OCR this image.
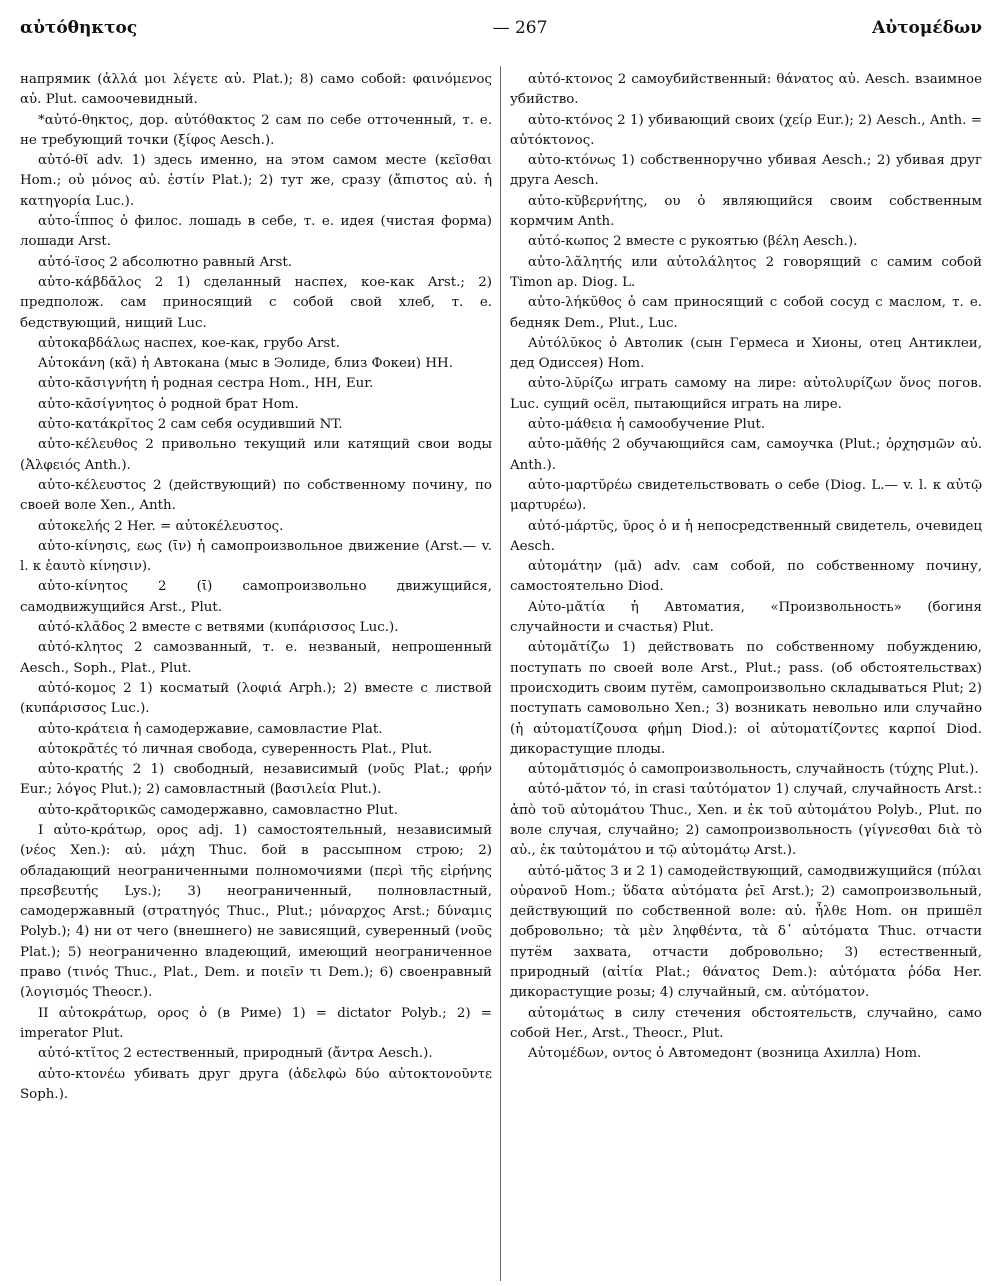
αὐτόθηκτος	— 267	Αὐτομέδων

напрямик (ἀλλά μοι λέγετε αὐ. Plat.); 8) само собой: φαινόμενος αὐ. Plut. самоочевидный.

*αὐτό-θηκτος, дор. αὐτόθακτος 2 сам по себе отточенный, т. е. не требующий точки (ξίφος Aesch.).

αὐτό-θῐ adv. 1) здесь именно, на этом самом месте (κεῖσθαι Hom.; οὐ μόνος αὐ. ἐστίν Plat.); 2) тут же, сразу (ἄπιστος αὐ. ἡ κατηγορία Luc.).

αὐτο-ΐππος ὁ филос. лошадь в себе, т. е. идея (чистая форма) лошади Arst.

αὐτό-ϊσος 2 абсолютно равный Arst.

αὐτο-κάβδᾰλος 2 1) сделанный наспех, кое-как Arst.; 2) предполож. сам приносящий с собой свой хлеб, т. е. бедствующий, нищий Luc.

αὐτοκαβδάλως наспех, кое-как, грубо Arst.

Αὐτοκάνη (κᾰ) ἡ Автокана (мыс в Эолиде, близ Фокеи) HH.

αὐτο-κᾰσιγνήτη ἡ родная сестра Hom., HH, Eur.

αὐτο-κᾰσίγνητος ὁ родной брат Hom.

αὐτο-κατάκρῐτος 2 сам себя осудивший NT.

αὐτο-κέλευθος 2 привольно текущий или катящий свои воды (Ἀλφειός Anth.).

αὐτο-κέλευστος 2 (действующий) по собственному почину, по своей воле Xen., Anth.

αὐτοκελής 2 Her. = αὐτοκέλευστος.

αὐτο-κίνησις, εως (ῑν) ἡ самопроизвольное движение (Arst.— v. l. к ἑαυτὸ κίνησιν).

αὐτο-κίνητος 2 (ῑ) самопроизвольно движущийся, самодвижущийся Arst., Plut.

αὐτό-κλᾰδος 2 вместе с ветвями (κυπάρισσος Luc.).

αὐτό-κλητος 2 самозванный, т. е. незваный, непрошенный Aesch., Soph., Plat., Plut.

αὐτό-κομος 2 1) косматый (λοφιά Arph.); 2) вместе с листвой (κυπάρισσος Luc.).

αὐτο-κράτεια ἡ самодержавие, самовластие Plat.

αὐτοκρᾰτές τό личная свобода, суверенность Plat., Plut.

αὐτο-κρατής 2 1) свободный, независимый (νοῦς Plat.; φρήν Eur.; λόγος Plut.); 2) самовластный (βασιλεία Plut.).

αὐτο-κρᾰτορικῶς самодержавно, самовластно Plut.

I αὐτο-κράτωρ, ορος adj. 1) самостоятельный, независимый (νέος Xen.): αὐ. μάχη Thuc. бой в рассыпном строю; 2) обладающий неограниченными полномочиями (περὶ τῆς εἰρήνης πρεσβευτής Lys.); 3) неограниченный, полновластный, самодержавный (στρατηγός Thuc., Plut.; μόναρχος Arst.; δύναμις Polyb.); 4) ни от чего (внешнего) не зависящий, суверенный (νοῦς Plat.); 5) неограниченно владеющий, имеющий неограниченное право (τινός Thuc., Plat., Dem. и ποιεῖν τι Dem.); 6) своенравный (λογισμός Theocr.).

II αὐτοκράτωρ, ορος ὁ (в Риме) 1) = dictator Polyb.; 2) = imperator Plut.

αὐτό-κτῐτος 2 естественный, природный (ἄντρα Aesch.).

αὐτο-κτονέω убивать друг друга (ἀδελφὼ δύο αὐτοκτονοῦντε Soph.).

αὐτό-κτονος 2 самоубийственный: θάνατος αὐ. Aesch. взаимное убийство.

αὐτο-κτόνος 2 1) убивающий своих (χείρ Eur.); 2) Aesch., Anth. = αὐτόκτονος.

αὐτο-κτόνως 1) собственноручно убивая Aesch.; 2) убивая друг друга Aesch.

αὐτο-κῠβερνήτης, ου ὁ являющийся своим собственным кормчим Anth.

αὐτό-κωπος 2 вместе с рукоятью (βέλη Aesch.).

αὐτο-λᾰλητής или αὐτολάλητος 2 говорящий с самим собой Timon ap. Diog. L.

αὐτο-λήκῠθος ὁ сам приносящий с собой сосуд с маслом, т. е. бедняк Dem., Plut., Luc.

Αὐτόλῠκος ὁ Автолик (сын Гермеса и Хионы, отец Антиклеи, дед Одиссея) Hom.

αὐτο-λῠρίζω играть самому на лире: αὐτολυρίζων ὄνος погов. Luc. сущий осёл, пытающийся играть на лире.

αὐτο-μάθεια ἡ самообучение Plut.

αὐτο-μᾰθής 2 обучающийся сам, самоучка (Plut.; ὀρχησμῶν αὐ. Anth.).

αὐτο-μαρτῠρέω свидетельствовать о себе (Diog. L.— v. l. к αὐτῷ μαρτυρέω).

αὐτό-μάρτῠς, ῠρος ὁ и ἡ непосредственный свидетель, очевидец Aesch.

αὐτομάτην (μᾰ) adv. сам собой, по собственному почину, самостоятельно Diod.

Αὐτο-μᾰτία ἡ Автоматия, «Произвольность» (богиня случайности и счастья) Plut.

αὐτομᾰτίζω 1) действовать по собственному побуждению, поступать по своей воле Arst., Plut.; pass. (об обстоятельствах) происходить своим путём, самопроизвольно складываться Plut; 2) поступать самовольно Xen.; 3) возникать невольно или случайно (ἡ αὐτοματίζουσα φήμη Diod.): οἱ αὐτοματίζοντες καρποί Diod. дикорастущие плоды.

αὐτομᾰτισμός ὁ самопроизвольность, случайность (τύχης Plut.).

αὐτό-μᾰτον τό, in crasi ταὐτόματον 1) случай, случайность Arst.: ἀπὸ τοῦ αὐτομάτου Thuc., Xen. и ἐκ τοῦ αὐτομάτου Polyb., Plut. по воле случая, случайно; 2) самопроизвольность (γίγνεσθαι διὰ τὸ αὐ., ἐκ ταὐτομάτου и τῷ αὐτομάτῳ Arst.).

αὐτό-μᾰτος 3 и 2 1) самодействующий, самодвижущийся (πύλαι οὐρανοῦ Hom.; ὕδατα αὐτόματα ῥεῖ Arst.); 2) самопроизвольный, действующий по собственной воле: αὐ. ἦλθε Hom. он пришёл добровольно; τὰ μὲν ληφθέντα, τὰ δ᾽ αὐτόματα Thuc. отчасти путём захвата, отчасти добровольно; 3) естественный, природный (αἰτία Plat.; θάνατος Dem.): αὐτόματα ῥόδα Her. дикорастущие розы; 4) случайный, см. αὐτόματον.

αὐτομάτως в силу стечения обстоятельств, случайно, само собой Her., Arst., Theocr., Plut.

Αὐτομέδων, οντος ὁ Автомедонт (возница Ахилла) Hom.
